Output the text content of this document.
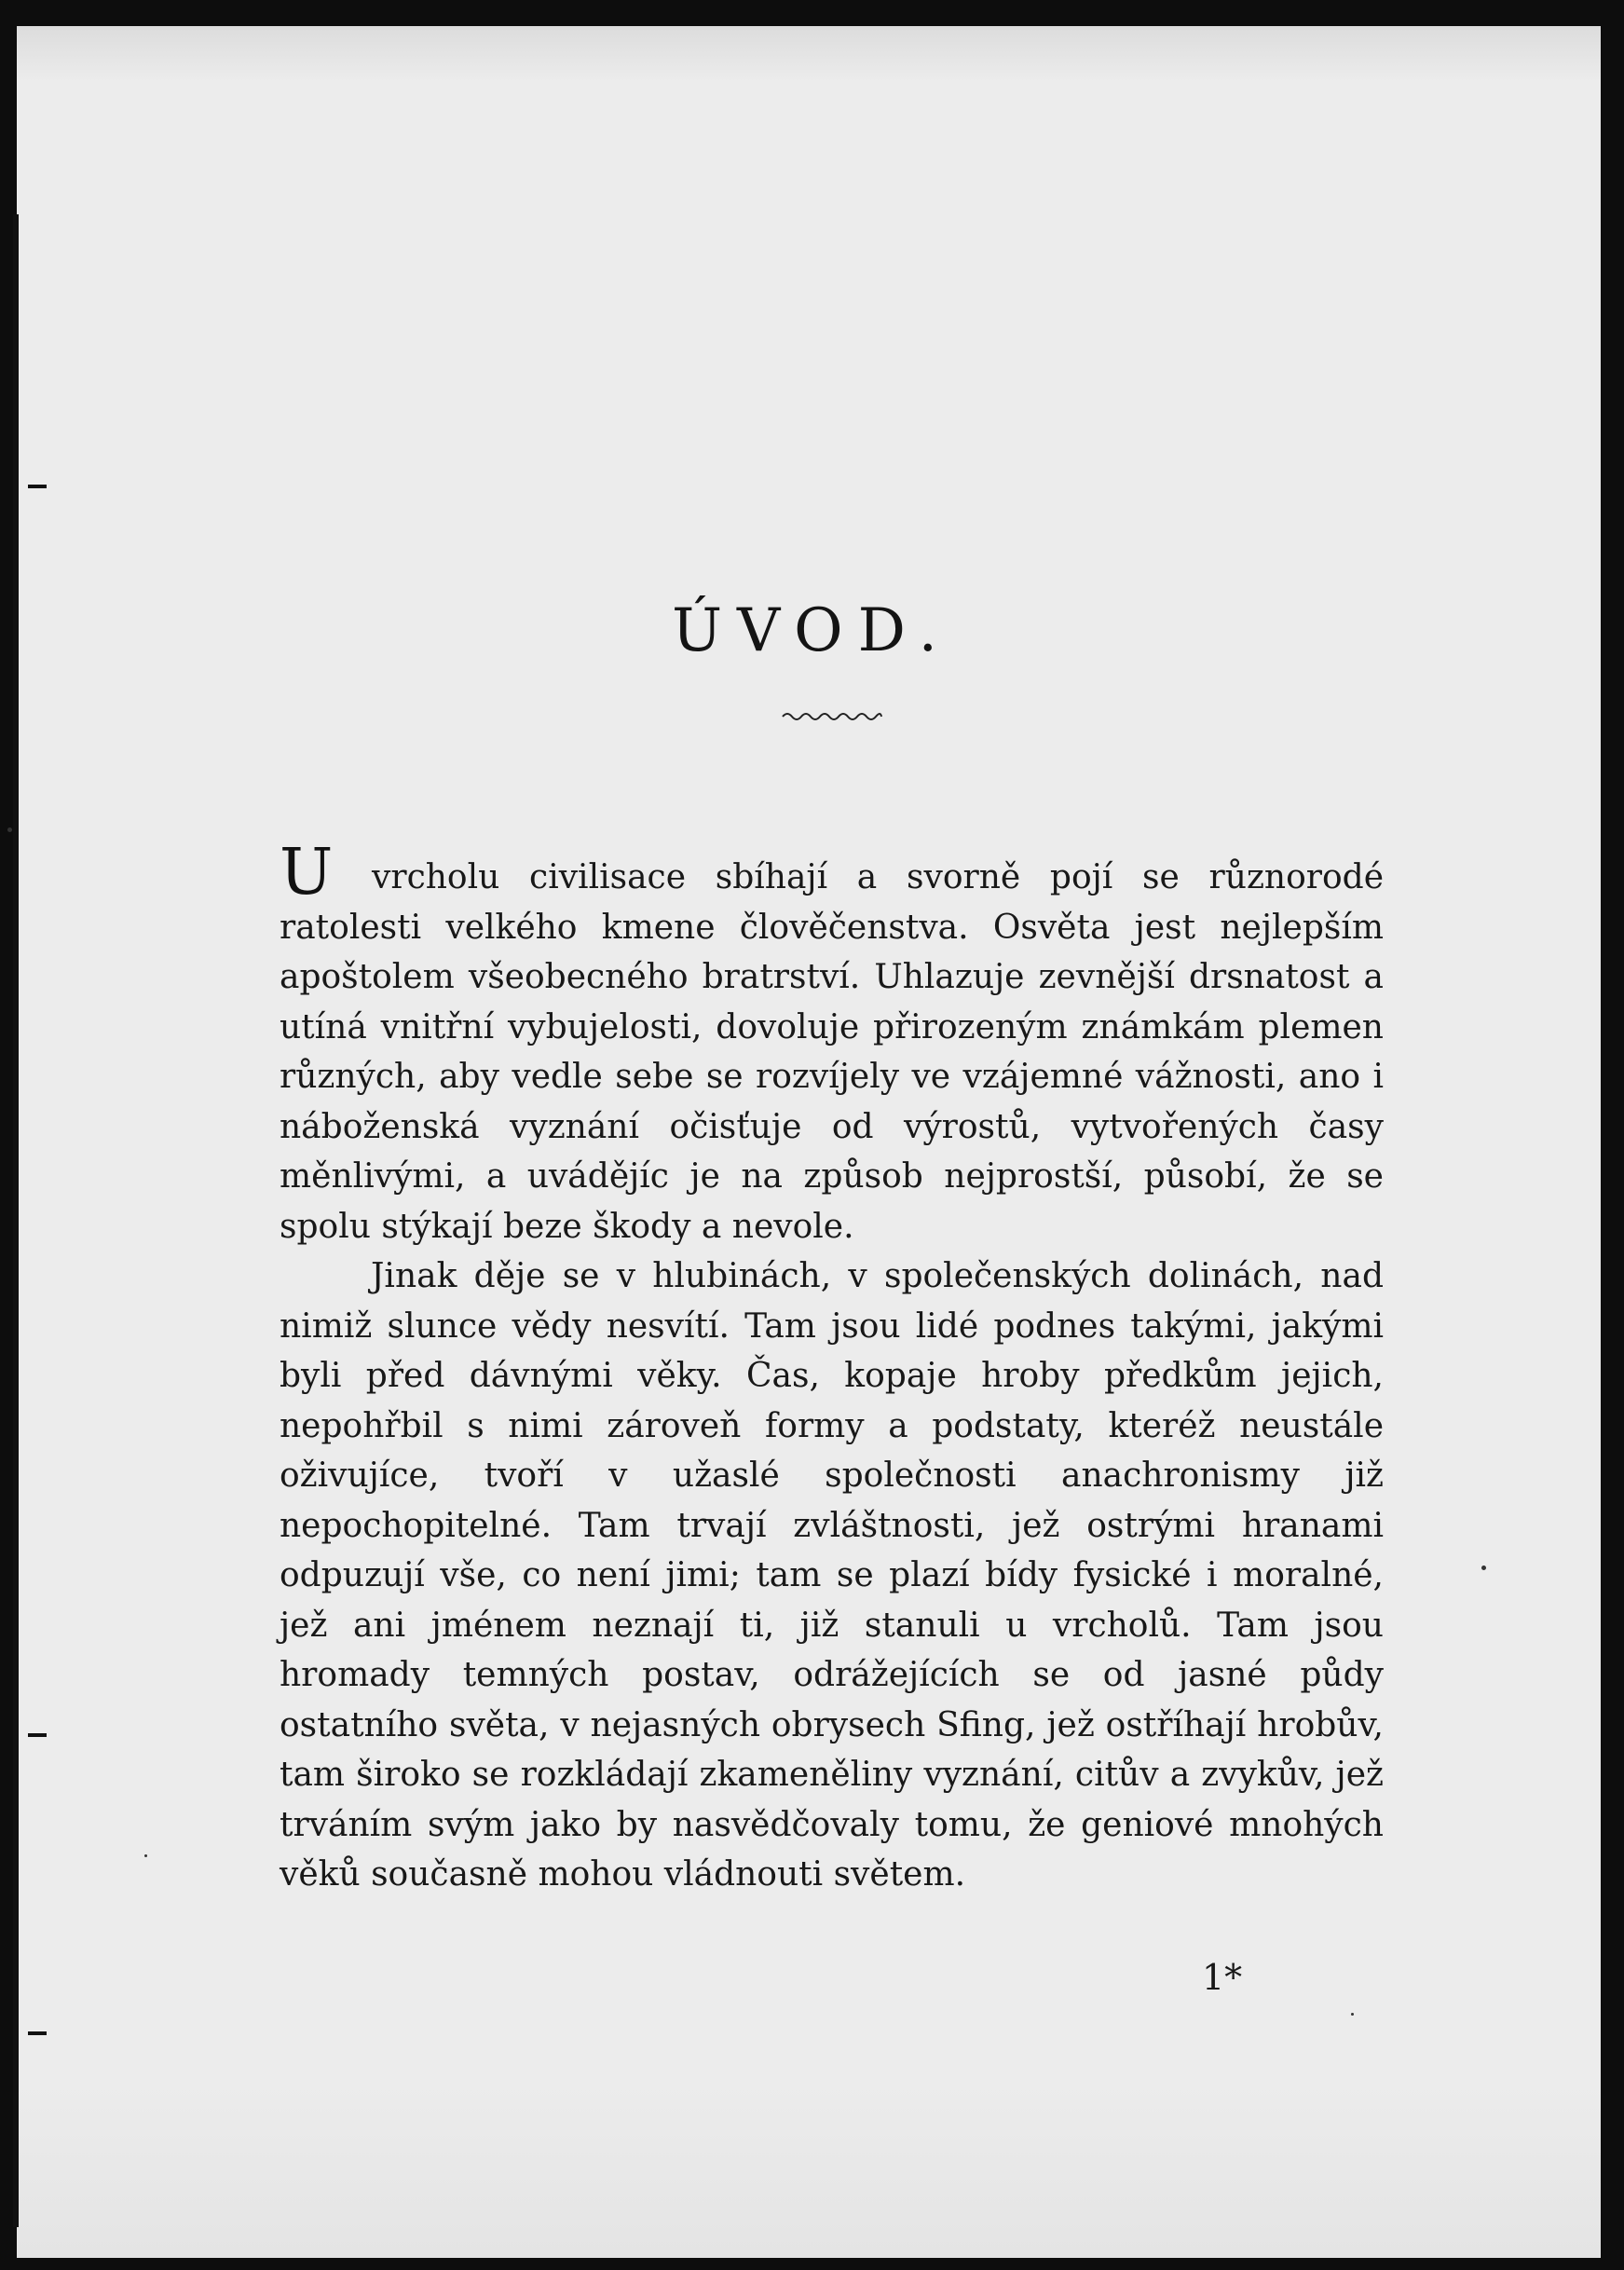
ÚVOD.

U vrcholu civilisace sbíhají a svorně pojí se různorodé ratolesti velkého kmene člověčenstva. Osvěta jest nejlepším apoštolem všeobecného bratrství. Uhlazuje zevnější drsnatost a utíná vnitřní vybujelosti, dovoluje přirozeným známkám plemen různých, aby vedle sebe se rozvíjely ve vzájemné vážnosti, ano i náboženská vyznání očisťuje od výrostů, vytvořených časy měnlivými, a uvádějíc je na způsob nejprostší, působí, že se spolu stýkají beze škody a nevole.

Jinak děje se v hlubinách, v společenských dolinách, nad nimiž slunce vědy nesvítí. Tam jsou lidé podnes takými, jakými byli před dávnými věky. Čas, kopaje hroby předkům jejich, nepohřbil s nimi zároveň formy a podstaty, kteréž neustále oživujíce, tvoří v užaslé společnosti anachronismy již nepochopitelné. Tam trvají zvláštnosti, jež ostrými hranami odpuzují vše, co není jimi; tam se plazí bídy fysické i moralné, jež ani jménem neznají ti, již stanuli u vrcholů. Tam jsou hromady temných postav, odrážejících se od jasné půdy ostatního světa, v nejasných obrysech Sfing, jež ostříhají hrobův, tam široko se rozkládají zkameněliny vyznání, citův a zvykův, jež trváním svým jako by nasvědčovaly tomu, že geniové mnohých věků současně mohou vládnouti světem.

1*
